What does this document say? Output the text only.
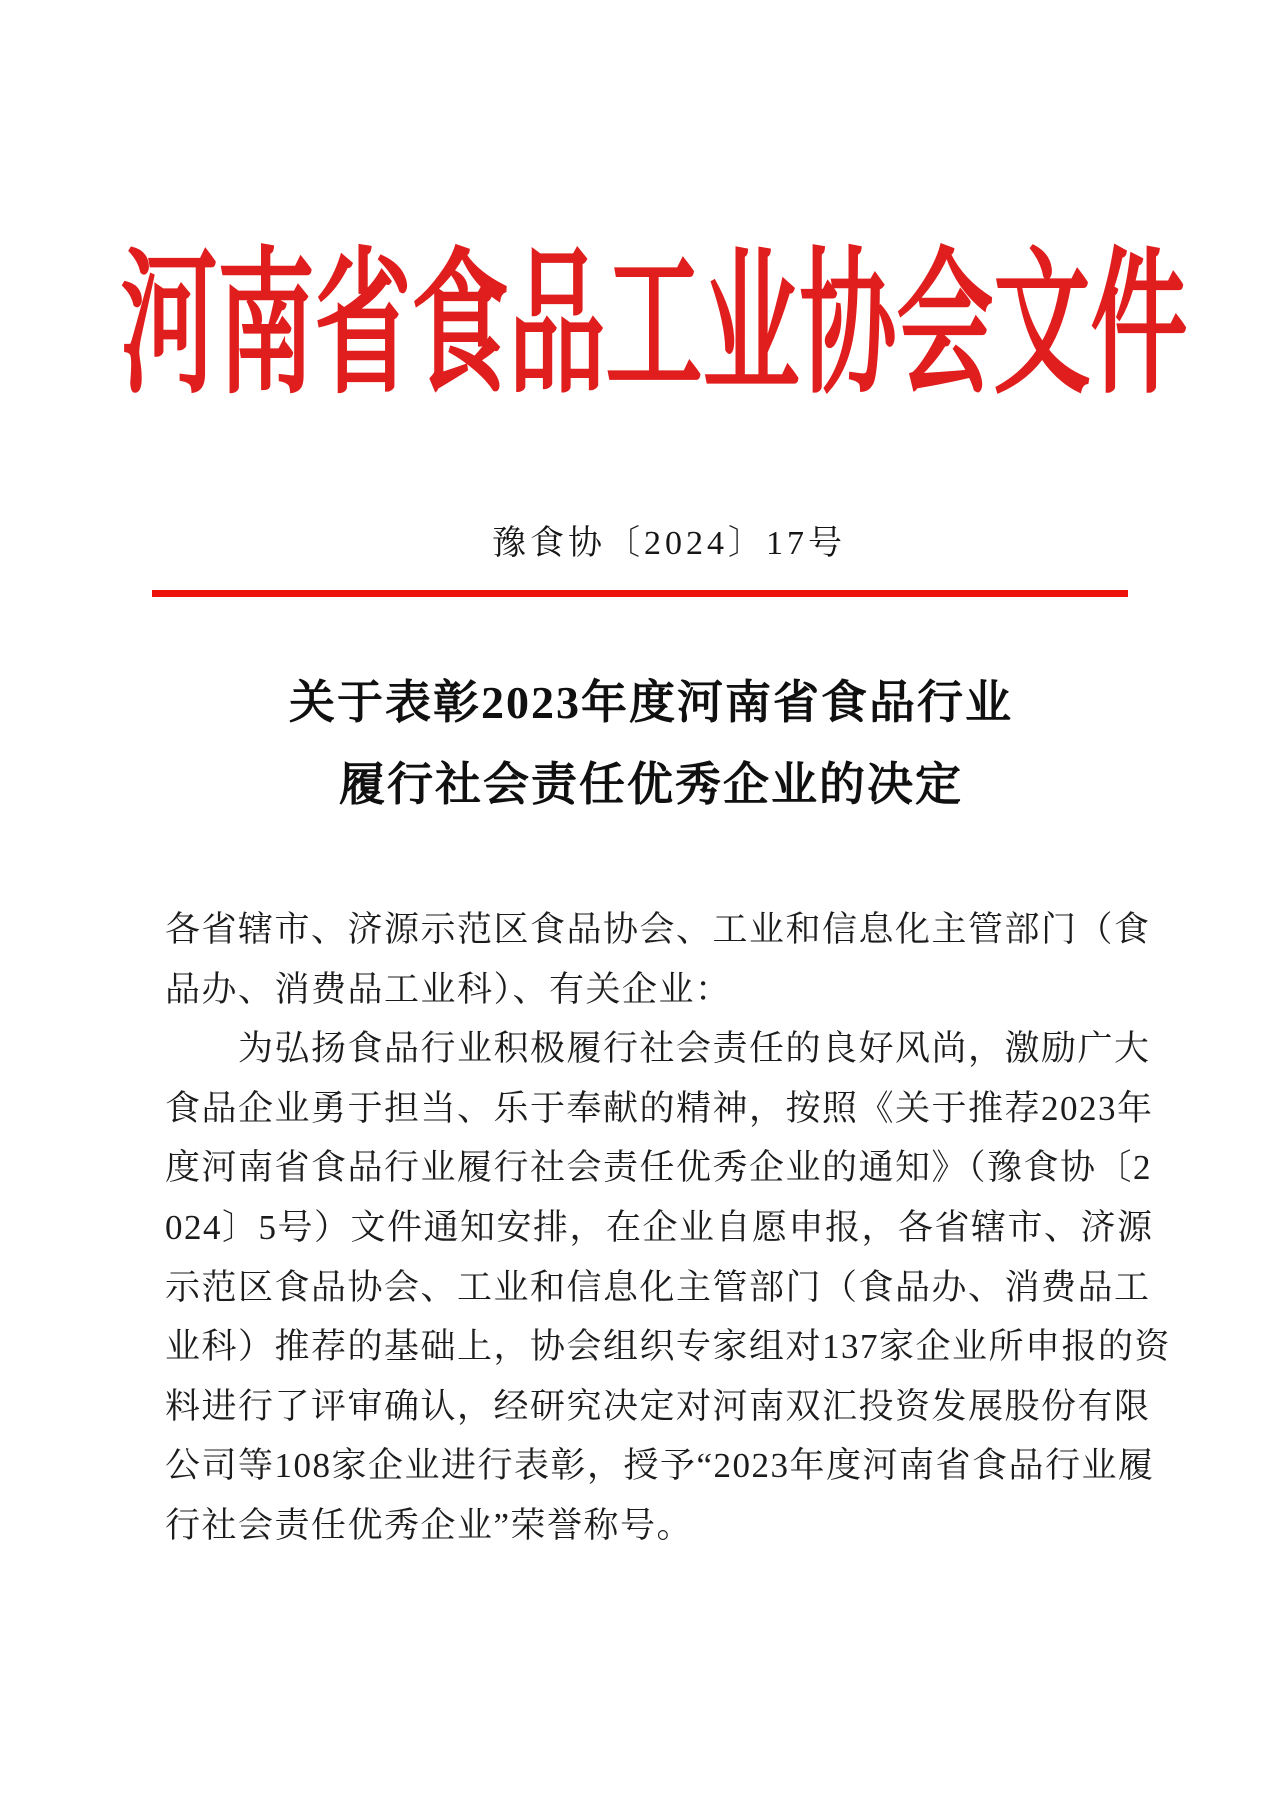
河南省食品工业协会文件
豫食协〔2024〕17号
关于表彰2023年度河南省食品行业
履行社会责任优秀企业的决定
各省辖市、济源示范区食品协会、工业和信息化主管部门（食
品办、消费品工业科）、有关企业：
为弘扬食品行业积极履行社会责任的良好风尚，激励广大
食品企业勇于担当、乐于奉献的精神，按照《关于推荐2023年
度河南省食品行业履行社会责任优秀企业的通知》（豫食协〔2
024〕5号）文件通知安排，在企业自愿申报，各省辖市、济源
示范区食品协会、工业和信息化主管部门（食品办、消费品工
业科）推荐的基础上，协会组织专家组对137家企业所申报的资
料进行了评审确认，经研究决定对河南双汇投资发展股份有限
公司等108家企业进行表彰，授予“2023年度河南省食品行业履
行社会责任优秀企业”荣誉称号。
